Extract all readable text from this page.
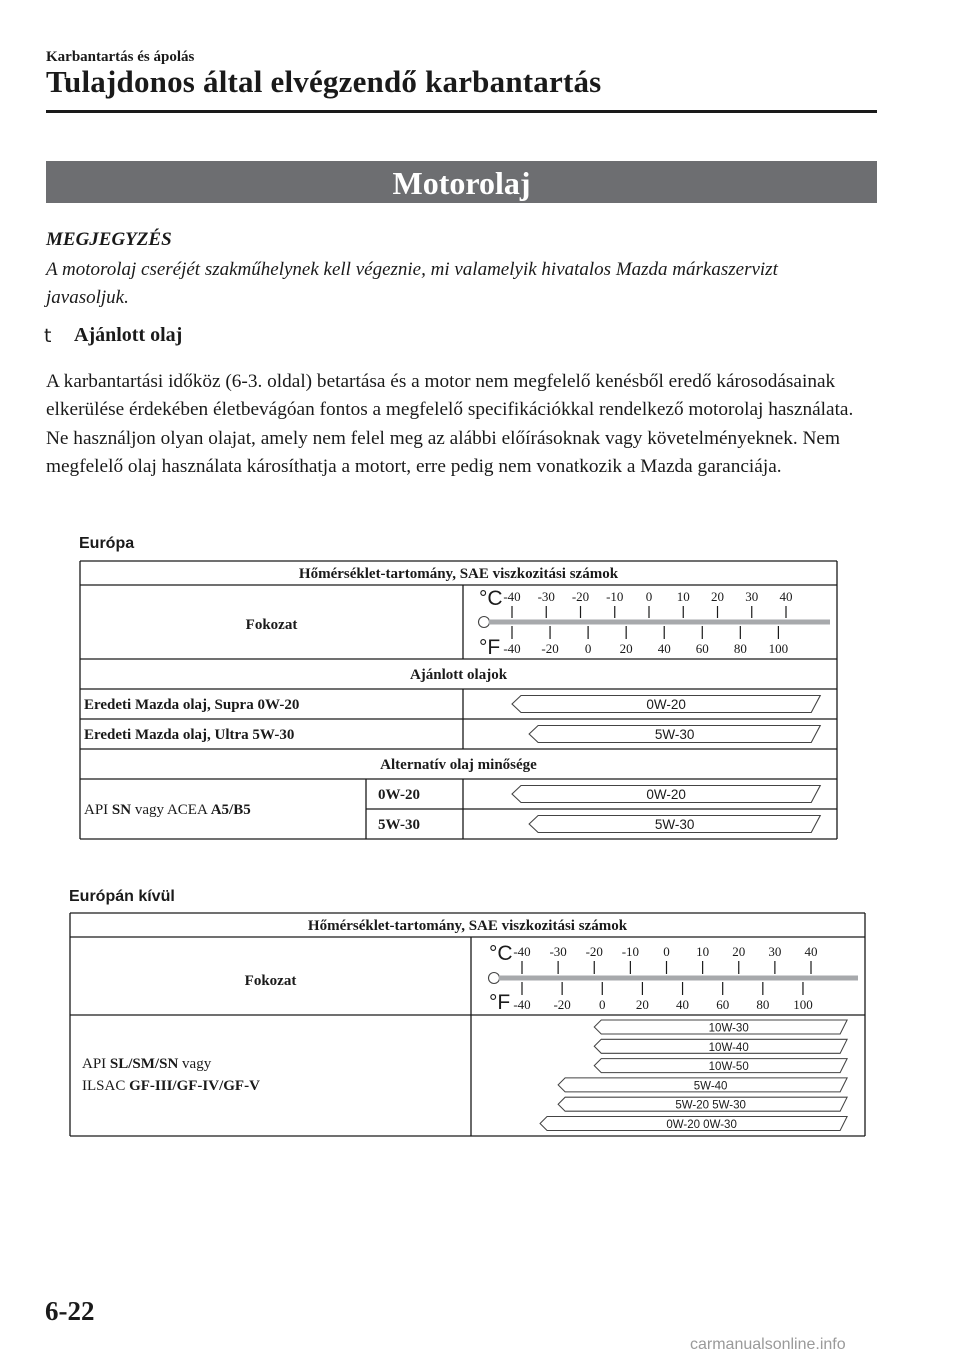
Karbantartás és ápolás
Tulajdonos által elvégzendő karbantartás
Motorolaj
MEGJEGYZÉS
A motorolaj cseréjét szakműhelynek kell végeznie, mi valamelyik hivatalos Mazda márkaszervizt javasoljuk.
t Ajánlott olaj
A karbantartási időköz (6-3. oldal) betartása és a motor nem megfelelő kenésből eredő károsodásainak elkerülése érdekében életbevágóan fontos a megfelelő specifikációkkal rendelkező motorolaj használata. Ne használjon olyan olajat, amely nem felel meg az alábbi előírásoknak vagy követelményeknek. Nem megfelelő olaj használata károsíthatja a motort, erre pedig nem vonatkozik a Mazda garanciája.
Európa
Európán kívül
Hőmérséklet-tartomány, SAE viszkozitási számok
Fokozat
°C
°F
-40 -30 -20 -10 0 10 20 30 40
-40 -20 0 20 40 60 80 100
Ajánlott olajok
Eredeti Mazda olaj, Supra 0W-20	0W-20
Eredeti Mazda olaj, Ultra 5W-30	5W-30
Alternatív olaj minősége
API SN vagy ACEA A5/B5
0W-20	0W-20
5W-30	5W-30
Hőmérséklet-tartomány, SAE viszkozitási számok
Fokozat
°C
°F
-40 -30 -20 -10 0 10 20 30 40
-40 -20 0 20 40 60 80 100
API SL/SM/SN vagy
ILSAC GF-III/GF-IV/GF-V
10W-30
10W-40
10W-50
5W-40
5W-20 5W-30
0W-20 0W-30
6-22
carmanualsonline.info
